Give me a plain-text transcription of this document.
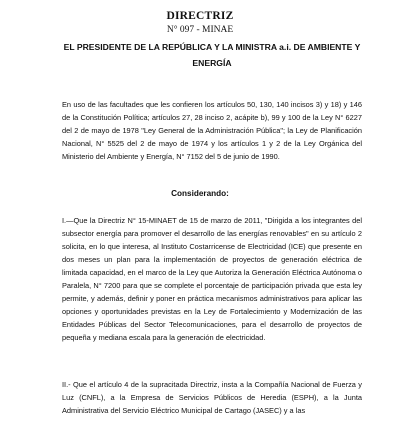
DIRECTRIZ
N° 097 - MINAE
EL PRESIDENTE DE LA REPÚBLICA Y LA MINISTRA a.i. DE AMBIENTE Y ENERGÍA
En uso de las facultades que les confieren los artículos 50, 130, 140 incisos 3) y 18) y 146 de la Constitución Política; artículos 27, 28 inciso 2, acápite b), 99 y 100 de la Ley N° 6227 del 2 de mayo de 1978 "Ley General de la Administración Pública"; la Ley de Planificación Nacional, N° 5525 del 2 de mayo de 1974 y los artículos 1 y 2 de la Ley Orgánica del Ministerio del Ambiente y Energía, N° 7152 del 5 de junio de 1990.
Considerando:
I.—Que la Directriz N° 15-MINAET de 15 de marzo de 2011, "Dirigida a los integrantes del subsector energía para promover el desarrollo de las energías renovables" en su artículo 2 solicita, en lo que interesa, al Instituto Costarricense de Electricidad (ICE) que presente en dos meses un plan para la implementación de proyectos de generación eléctrica de limitada capacidad, en el marco de la Ley que Autoriza la Generación Eléctrica Autónoma o Paralela, N° 7200 para que se complete el porcentaje de participación privada que esta ley permite, y además, definir y poner en práctica mecanismos administrativos para aplicar las opciones y oportunidades previstas en la Ley de Fortalecimiento y Modernización de las Entidades Públicas del Sector Telecomunicaciones, para el desarrollo de proyectos de pequeña y mediana escala para la generación de electricidad.
II.- Que el artículo 4 de la supracitada Directriz, insta a la Compañía Nacional de Fuerza y Luz (CNFL), a la Empresa de Servicios Públicos de Heredia (ESPH), a la Junta Administrativa del Servicio Eléctrico Municipal de Cartago (JASEC) y a las
